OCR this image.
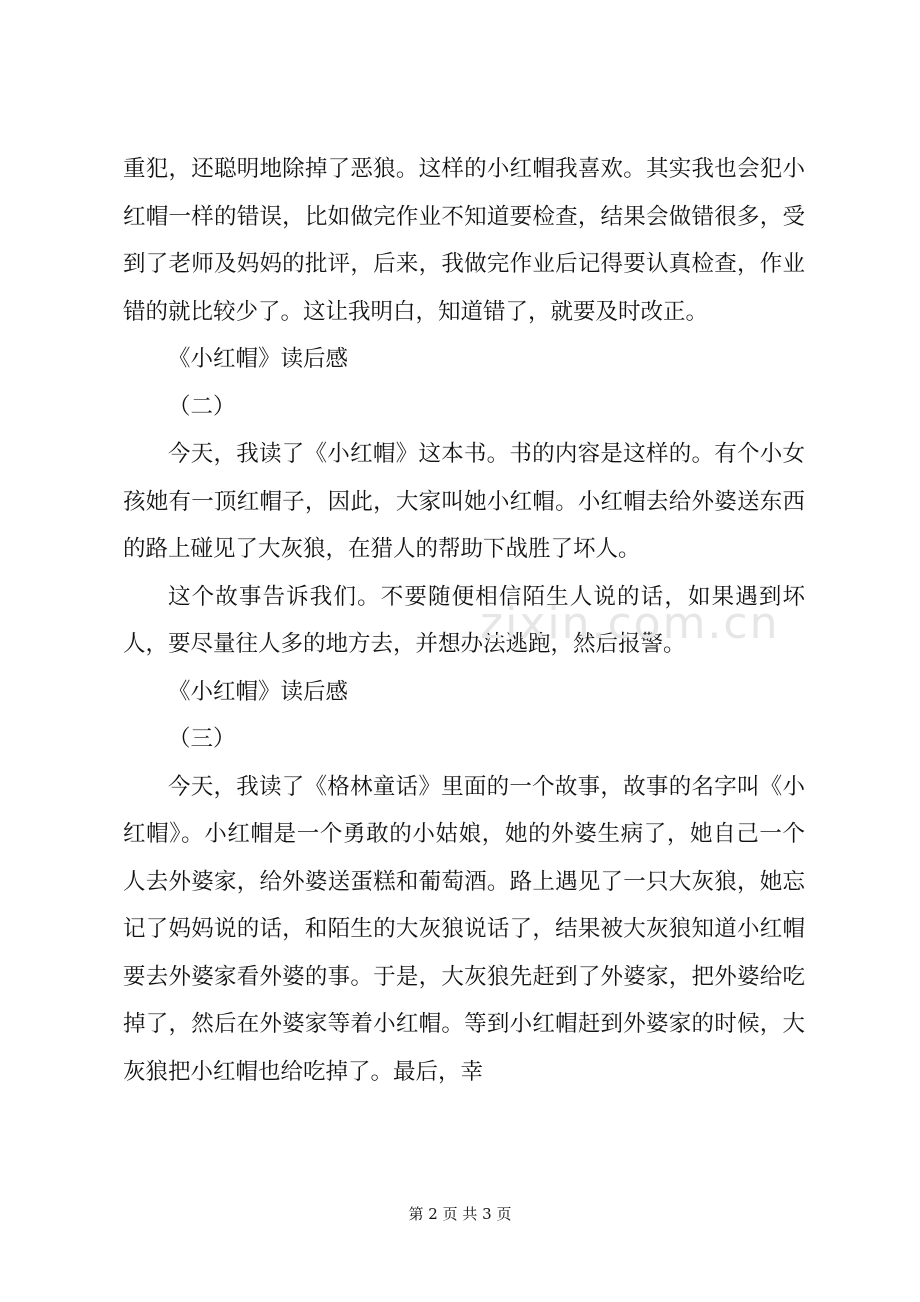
重犯，还聪明地除掉了恶狼。这样的小红帽我喜欢。其实我也会犯小红帽一样的错误，比如做完作业不知道要检查，结果会做错很多，受到了老师及妈妈的批评，后来，我做完作业后记得要认真检查，作业错的就比较少了。这让我明白，知道错了，就要及时改正。

《小红帽》读后感

（二）

今天，我读了《小红帽》这本书。书的内容是这样的。有个小女孩她有一顶红帽子，因此，大家叫她小红帽。小红帽去给外婆送东西的路上碰见了大灰狼，在猎人的帮助下战胜了坏人。

这个故事告诉我们。不要随便相信陌生人说的话，如果遇到坏人，要尽量往人多的地方去，并想办法逃跑，然后报警。

《小红帽》读后感

（三）

今天，我读了《格林童话》里面的一个故事，故事的名字叫《小红帽》。小红帽是一个勇敢的小姑娘，她的外婆生病了，她自己一个人去外婆家，给外婆送蛋糕和葡萄酒。路上遇见了一只大灰狼，她忘记了妈妈说的话，和陌生的大灰狼说话了，结果被大灰狼知道小红帽要去外婆家看外婆的事。于是，大灰狼先赶到了外婆家，把外婆给吃掉了，然后在外婆家等着小红帽。等到小红帽赶到外婆家的时候，大灰狼把小红帽也给吃掉了。最后，幸

zixin.com.cn
第 2 页 共 3 页
